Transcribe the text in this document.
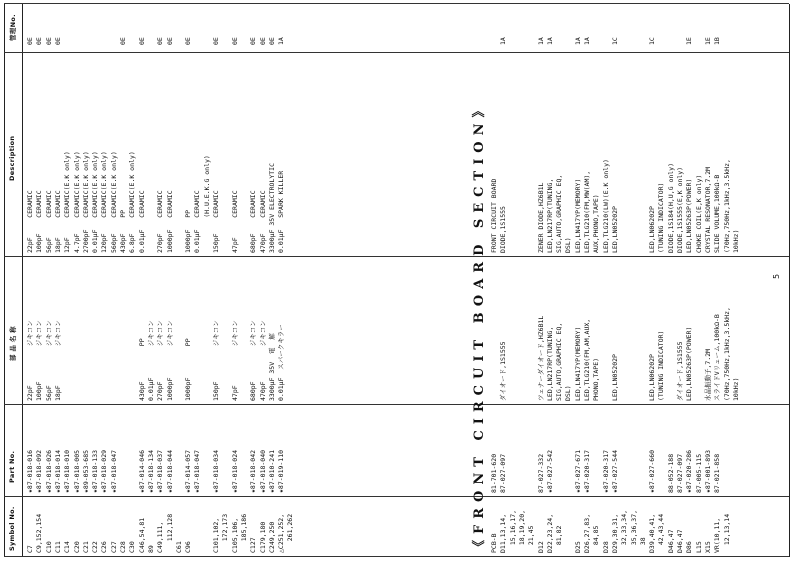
Symbol No.
Part No.
部 品 名 称
Description
管理No.
C7
★87-018-016
22pF          ジキコン
22pF     CERAMIC
0E
C9,152,154
★87-018-092
100pF         ジキコン
100pF    CERAMIC
0E
C10
★87-018-026
56pF          ジキコン
56pF     CERAMIC
0E
C11
★87-018-014
18pF          ジキコン
18pF     CERAMIC
0E
C14
★87-018-010
12pF     CERAMIC(E.K only)
C20
★87-018-005
4.7pF    CERAMIC(E.K only)
C21
★89-053-685
2700pF   CERAMIC(E.K only)
C22
★87-018-133
0.01μF   CERAMIC(E.K only)
C26
★87-018-029
120pF    CERAMIC(E.K only)
C27
★87-018-047
560pF    CERAMIC(E.K only)
C28
430pF    PP
0E
C30
6.8pF    CERAMIC(E.K only)
C46,54,81
★87-014-046
430pF         PP
0.01μF   CERAMIC
0E
89
★87-018-134
0.01μF        ジキコン
C49,111,
★87-018-037
270pF         ジキコン
270pF    CERAMIC
0E
112,128
★87-018-044
1000pF        ジキコン
1000pF   CERAMIC
0E
C61 C96
★87-014-057
1000pF        PP
1000pF   PP
0E
★87-018-047
0.01μF   CERAMIC (H.U.E.K.G only)
C101,102,
★87-018-034
150pF         ジキコン
150pF    CERAMIC
0E
172,173 C105,106,
★87-018-024
47pF          ジキコン
47pF     CERAMIC
0E
185,186 C127
★87-018-042
680pF         ジキコン
680pF    CERAMIC
0E
C179,180
★87-018-040
470pF         ジキコン
470pF    CERAMIC
0E
C249,250
★87-010-241
3300μF 35V  電  解
3300μF 35V ELECTROLYTIC
0E
△C251,252,
★87-019-110
0.01μF  スパークキラー
0.01μF   SPARK KILLER
1A
261,262	PCB-B
81-701-620
FRONT CIRCUIT BOARD
D11,13,14,
87-027-097
ダイオード,1S1555
DIODE,1S1555
1A
15,16,17, 18,19,20, 21,45 D12
87-027-332
ツェナーダイオード,HZ6B1L
ZENER DIODE,HZ6B1L
1A
D22,23,24,
★87-027-542
LED,LN217RP(TUNING,
LED,LN217RP(TUNING,
1A
81,82
SIG,AUTO,GRAPHIC EQ,
SIG,AUTO,GRAPHIC EQ,
DSL)
DSL)
D25
★87-027-671
LED,LN417YP(MEMORY)
LED,LN417YP(MEMORY)
1A
D26,27,83,
★87-020-317
LED,TLG210(FM,AM,AUX,
LED,TLG210(FM,MW(AM),
1A
84,85
PHONO,TAPE)
AUX,PHONO,TAPE)
D28
★87-020-317
LED,TLG210(LW)(E.K only)
D29,30,31,
★87-027-544
LED,LN05202P
LED,LN05202P
1C
32,33,34, 35,36,37, 38 D39,40,41,
★87-027-660
LED,LN06202P
LED,LN06202P
1C
42,43,44
(TUNING INDICATOR)
(TUNING INDICATOR)
D46,47
88-052-188
DIODE,1S184(H,U,G only)
D46,47
87-027-097
ダイオード,1S1555
DIODE,1S1555(E,K only)
D86
★87-020-286
LED,LN05263P(POWER)
LED,LN05263P(POWER)
1E
L15
87-005-115
CHOKE COIL(E,K only)
X15
★87-001-893
水晶振動子,7.2M
CRYSTAL RESONATOR,7.2M
1E
VR(10,11,
87-021-858
スライドVリューム,100kΩ-B
SLIDE VOLUME,100kΩ-B
1B
12,13,14
(70Hz,750Hz,1kHz,3.5kHz,
(70Hz,750Hz,1kHz,3.5kHz,
10kHz)
10kHz)
《FRONT CIRCUIT BOARD SECTION》	5
